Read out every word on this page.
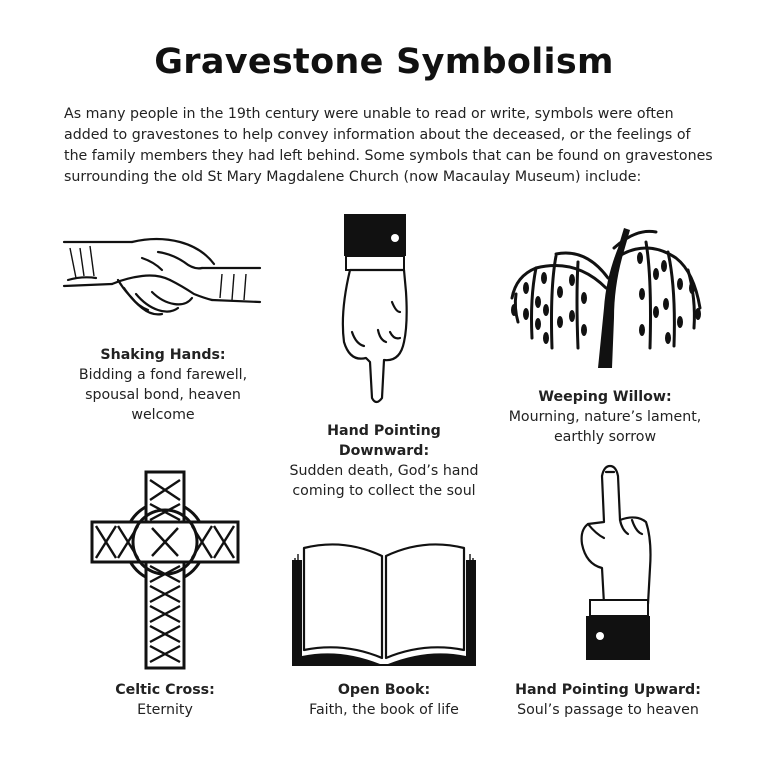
Gravestone Symbolism
As many people in the 19th century were unable to read or write, symbols were often added to gravestones to help convey information about the deceased, or the feelings of the family members they had left behind. Some symbols that can be found on gravestones surrounding the old St Mary Magdalene Church (now Macaulay Museum) include:
Shaking Hands:
Bidding a fond farewell, spousal bond, heaven welcome
Hand Pointing Downward:
Sudden death, God’s hand coming to collect the soul
Weeping Willow:
Mourning, nature’s lament, earthly sorrow
Celtic Cross:
Eternity
Open Book:
Faith, the book of life
Hand Pointing Upward:
Soul’s passage to heaven
